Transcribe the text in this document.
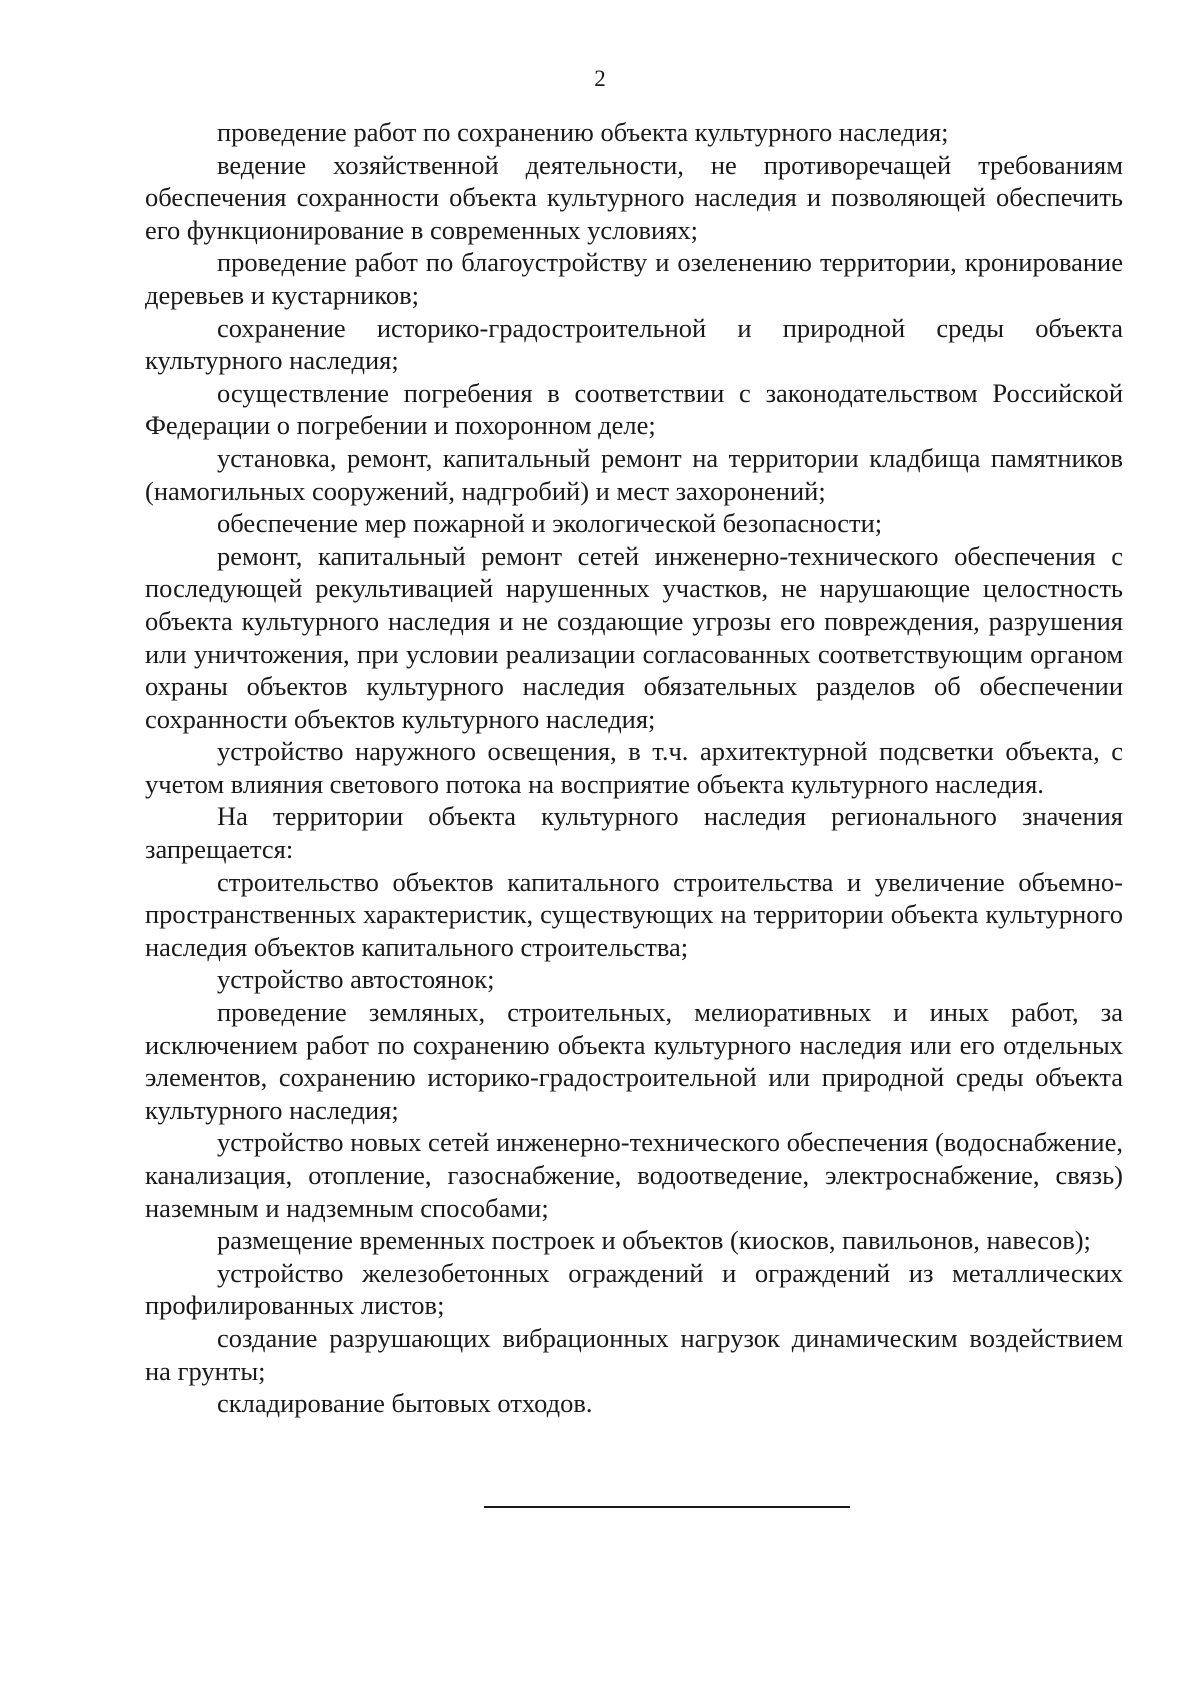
2

проведение работ по сохранению объекта культурного наследия;

ведение хозяйственной деятельности, не противоречащей требованиям обеспечения сохранности объекта культурного наследия и позволяющей обеспечить его функционирование в современных условиях;

проведение работ по благоустройству и озеленению территории, кронирование деревьев и кустарников;

сохранение историко-градостроительной и природной среды объекта культурного наследия;

осуществление погребения в соответствии с законодательством Российской Федерации о погребении и похоронном деле;

установка, ремонт, капитальный ремонт на территории кладбища памятников (намогильных сооружений, надгробий) и мест захоронений;

обеспечение мер пожарной и экологической безопасности;

ремонт, капитальный ремонт сетей инженерно-технического обеспечения с последующей рекультивацией нарушенных участков, не нарушающие целостность объекта культурного наследия и не создающие угрозы его повреждения, разрушения или уничтожения, при условии реализации согласованных соответствующим органом охраны объектов культурного наследия обязательных разделов об обеспечении сохранности объектов культурного наследия;

устройство наружного освещения, в т.ч. архитектурной подсветки объекта, с учетом влияния светового потока на восприятие объекта культурного наследия.

На территории объекта культурного наследия регионального значения запрещается:

строительство объектов капитального строительства и увеличение объемно-пространственных характеристик, существующих на территории объекта культурного наследия объектов капитального строительства;

устройство автостоянок;

проведение земляных, строительных, мелиоративных и иных работ, за исключением работ по сохранению объекта культурного наследия или его отдельных элементов, сохранению историко-градостроительной или природной среды объекта культурного наследия;

устройство новых сетей инженерно-технического обеспечения (водоснабжение, канализация, отопление, газоснабжение, водоотведение, электроснабжение, связь) наземным и надземным способами;

размещение временных построек и объектов (киосков, павильонов, навесов);

устройство железобетонных ограждений и ограждений из металлических профилированных листов;

создание разрушающих вибрационных нагрузок динамическим воздействием на грунты;

складирование бытовых отходов.
